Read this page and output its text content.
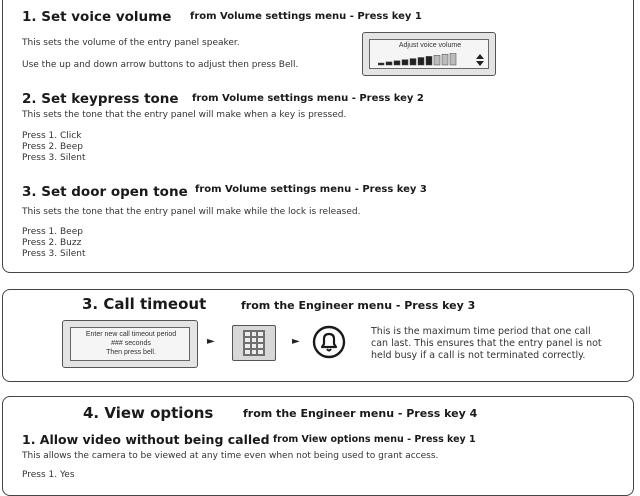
1. Set voice volume from Volume settings menu - Press key 1
This sets the volume of the entry panel speaker.
Use the up and down arrow buttons to adjust then press Bell.
Adjust voice volume
2. Set keypress tone from Volume settings menu - Press key 2
This sets the tone that the entry panel will make when a key is pressed.
Press 1. Click
Press 2. Beep
Press 3. Silent
3. Set door open tone from Volume settings menu - Press key 3
This sets the tone that the entry panel will make while the lock is released.
Press 1. Beep
Press 2. Buzz
Press 3. Silent
3. Call timeout	from the Engineer menu - Press key 3
Enter new call timeout period
### seconds
Then press bell.
►	►
This is the maximum time period that one call
can last. This ensures that the entry panel is not
held busy if a call is not terminated correctly.
4. View options	from the Engineer menu - Press key 4
1. Allow video without being called from View options menu - Press key 1
This allows the camera to be viewed at any time even when not being used to grant access.
Press 1. Yes
